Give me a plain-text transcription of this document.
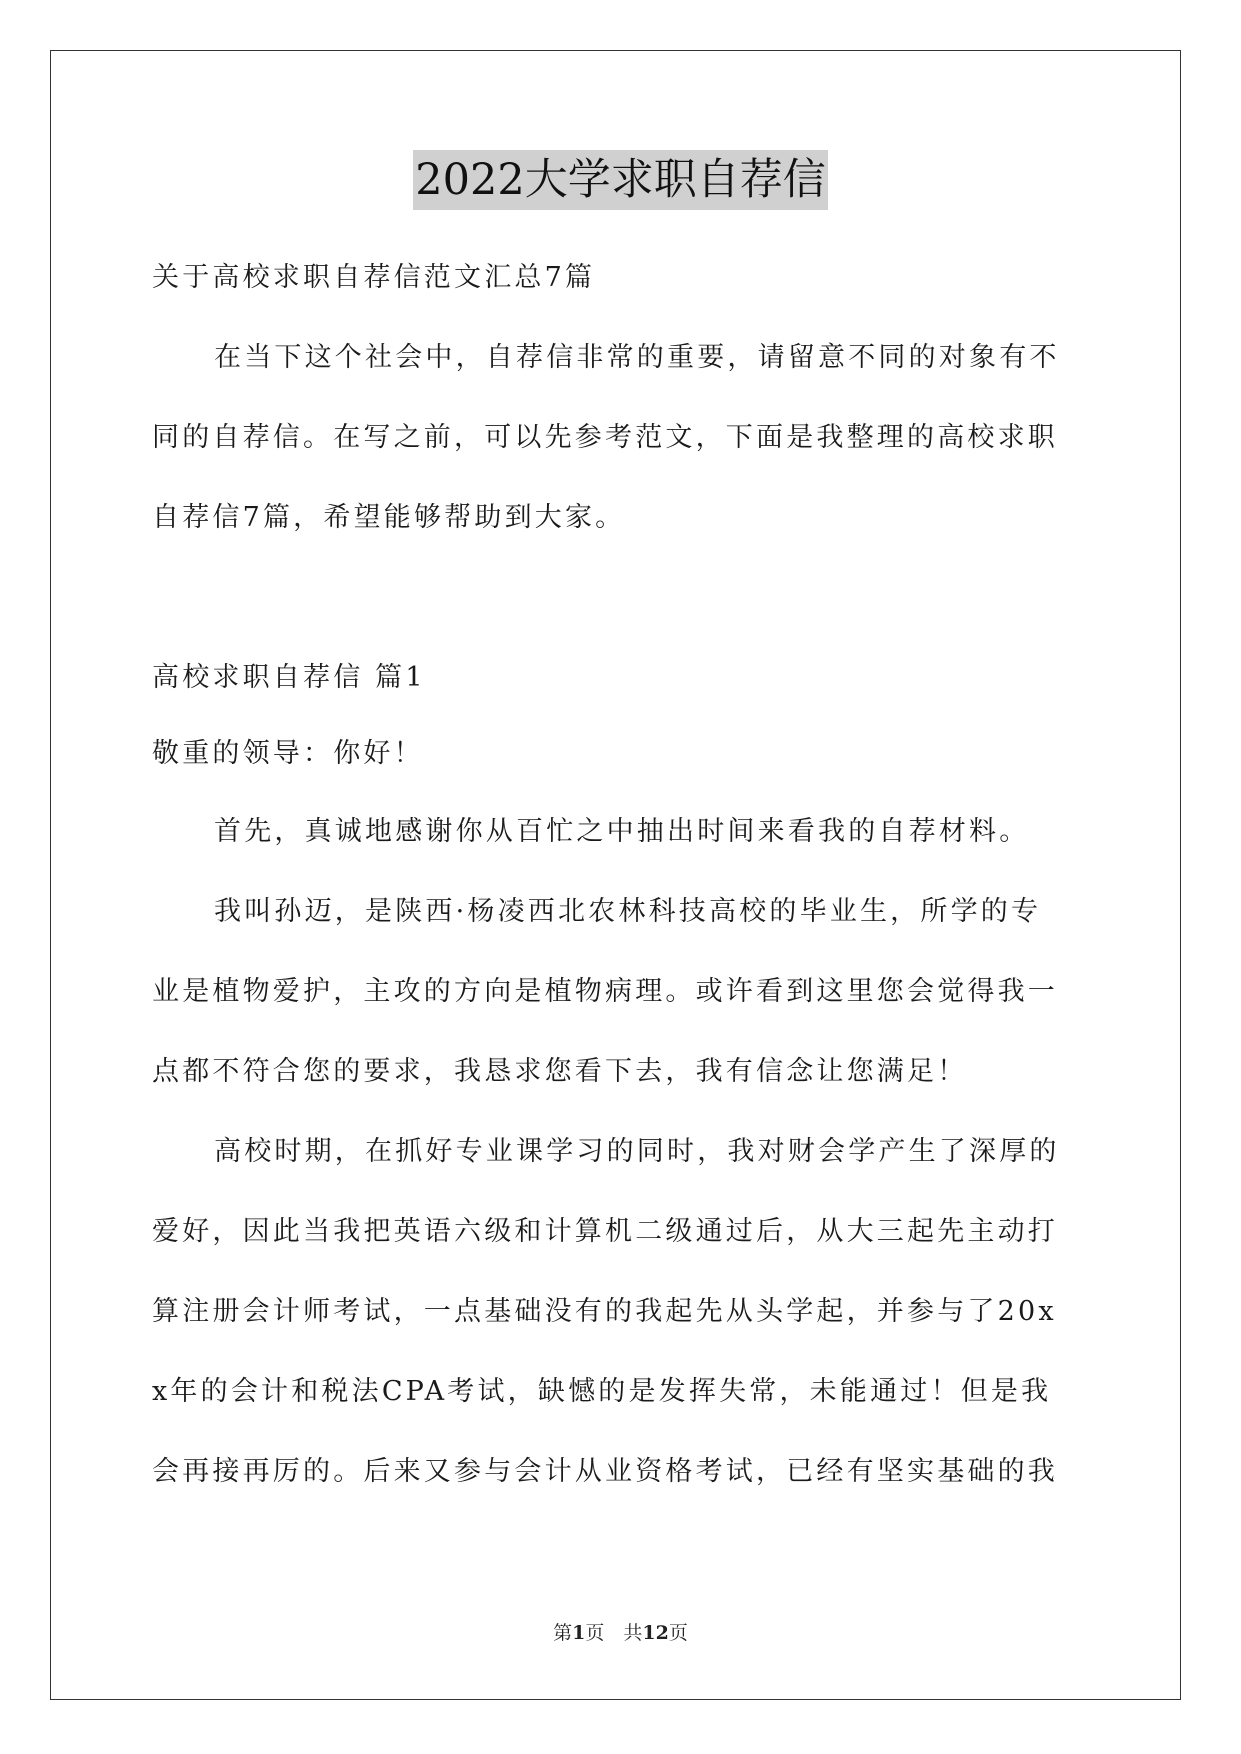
2022大学求职自荐信
关于高校求职自荐信范文汇总7篇
在当下这个社会中，自荐信非常的重要，请留意不同的对象有不
同的自荐信。在写之前，可以先参考范文，下面是我整理的高校求职
自荐信7篇，希望能够帮助到大家。
高校求职自荐信 篇1
敬重的领导：你好！
首先，真诚地感谢你从百忙之中抽出时间来看我的自荐材料。
我叫孙迈，是陕西·杨凌西北农林科技高校的毕业生，所学的专
业是植物爱护，主攻的方向是植物病理。或许看到这里您会觉得我一
点都不符合您的要求，我恳求您看下去，我有信念让您满足！
高校时期，在抓好专业课学习的同时，我对财会学产生了深厚的
爱好，因此当我把英语六级和计算机二级通过后，从大三起先主动打
算注册会计师考试，一点基础没有的我起先从头学起，并参与了20x
x年的会计和税法CPA考试，缺憾的是发挥失常，未能通过！但是我
会再接再厉的。后来又参与会计从业资格考试，已经有坚实基础的我
第1页　共12页
